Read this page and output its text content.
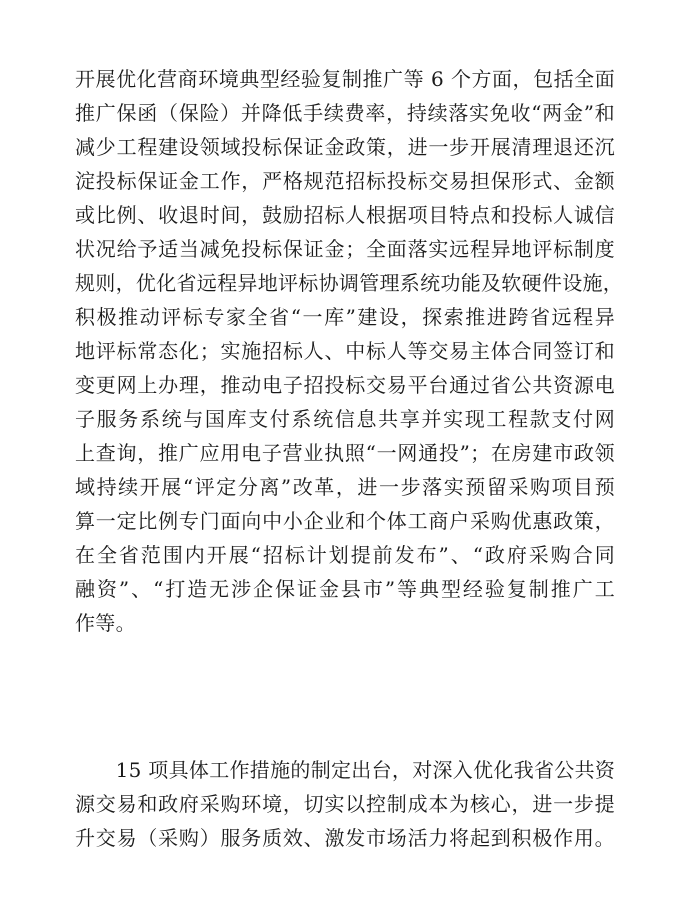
开展优化营商环境典型经验复制推广等 6 个方面，包括全面
推广保函（保险）并降低手续费率，持续落实免收“两金”和
减少工程建设领域投标保证金政策，进一步开展清理退还沉
淀投标保证金工作，严格规范招标投标交易担保形式、金额
或比例、收退时间，鼓励招标人根据项目特点和投标人诚信
状况给予适当减免投标保证金；全面落实远程异地评标制度
规则，优化省远程异地评标协调管理系统功能及软硬件设施，
积极推动评标专家全省“一库”建设，探索推进跨省远程异
地评标常态化；实施招标人、中标人等交易主体合同签订和
变更网上办理，推动电子招投标交易平台通过省公共资源电
子服务系统与国库支付系统信息共享并实现工程款支付网
上查询，推广应用电子营业执照“一网通投”；在房建市政领
域持续开展“评定分离”改革，进一步落实预留采购项目预
算一定比例专门面向中小企业和个体工商户采购优惠政策，
在全省范围内开展“招标计划提前发布”、“政府采购合同
融资”、“打造无涉企保证金县市”等典型经验复制推广工
作等。
　　15 项具体工作措施的制定出台，对深入优化我省公共资
源交易和政府采购环境，切实以控制成本为核心，进一步提
升交易（采购）服务质效、激发市场活力将起到积极作用。
